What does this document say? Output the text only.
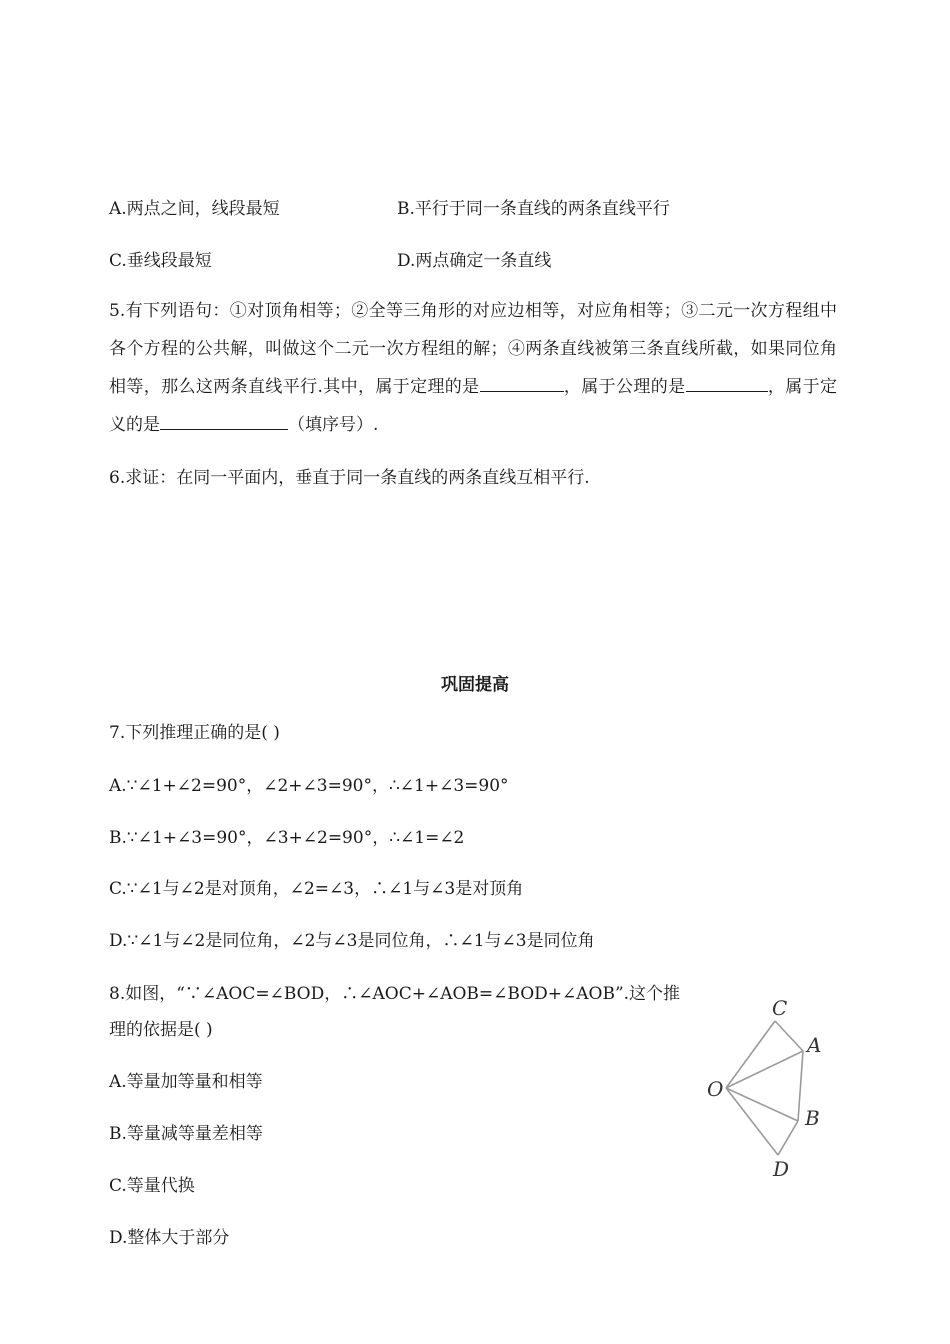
A.两点之间，线段最短	B.平行于同一条直线的两条直线平行
C.垂线段最短	D.两点确定一条直线
5.有下列语句：①对顶角相等；②全等三角形的对应边相等，对应角相等；③二元一次方程组中各个方程的公共解，叫做这个二元一次方程组的解；④两条直线被第三条直线所截，如果同位角相等，那么这两条直线平行.其中，属于定理的是	，属于公理的是	，属于定义的是	（填序号）.
6.求证：在同一平面内，垂直于同一条直线的两条直线互相平行.
巩固提高
7.下列推理正确的是( )
A.∵∠1+∠2=90°，∠2+∠3=90°，∴∠1+∠3=90°
B.∵∠1+∠3=90°，∠3+∠2=90°，∴∠1=∠2
C.∵∠1与∠2是对顶角，∠2=∠3，∴∠1与∠3是对顶角
D.∵∠1与∠2是同位角，∠2与∠3是同位角，∴∠1与∠3是同位角
8.如图，“∵∠AOC=∠BOD，∴∠AOC+∠AOB=∠BOD+∠AOB”.这个推
理的依据是( )
A.等量加等量和相等
B.等量减等量差相等
C.等量代换
D.整体大于部分
O
A
B
C
D
